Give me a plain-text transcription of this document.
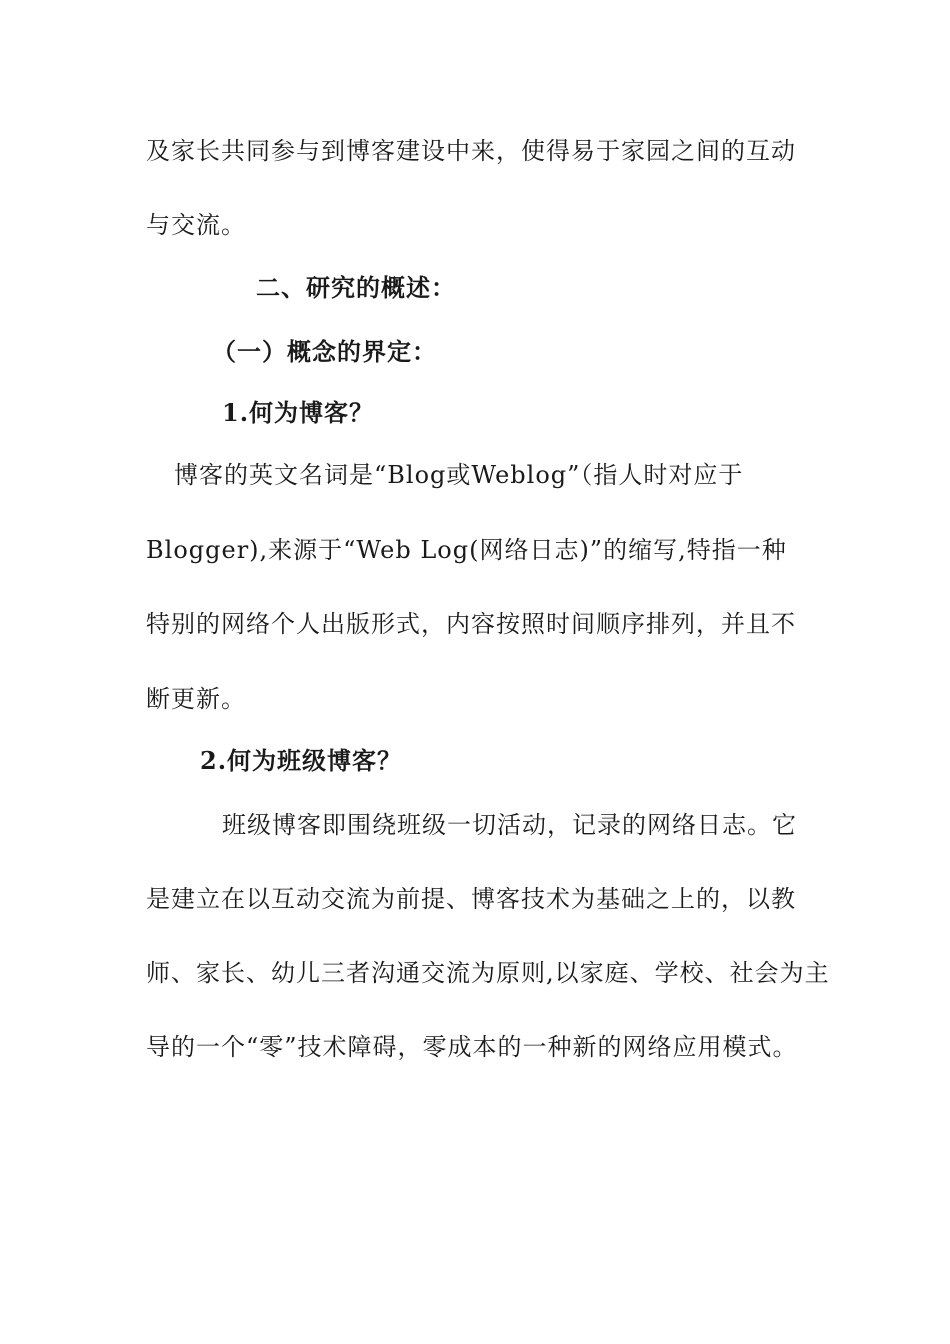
及家长共同参与到博客建设中来，使得易于家园之间的互动
与交流。
二、研究的概述：
（一）概念的界定：
1.何为博客？
博客的英文名词是“Blog或Weblog”（指人时对应于
Blogger),来源于“Web Log(网络日志)”的缩写,特指一种
特别的网络个人出版形式，内容按照时间顺序排列，并且不
断更新。
2.何为班级博客？
班级博客即围绕班级一切活动，记录的网络日志。它
是建立在以互动交流为前提、博客技术为基础之上的，以教
师、家长、幼儿三者沟通交流为原则,以家庭、学校、社会为主
导的一个“零”技术障碍，零成本的一种新的网络应用模式。
